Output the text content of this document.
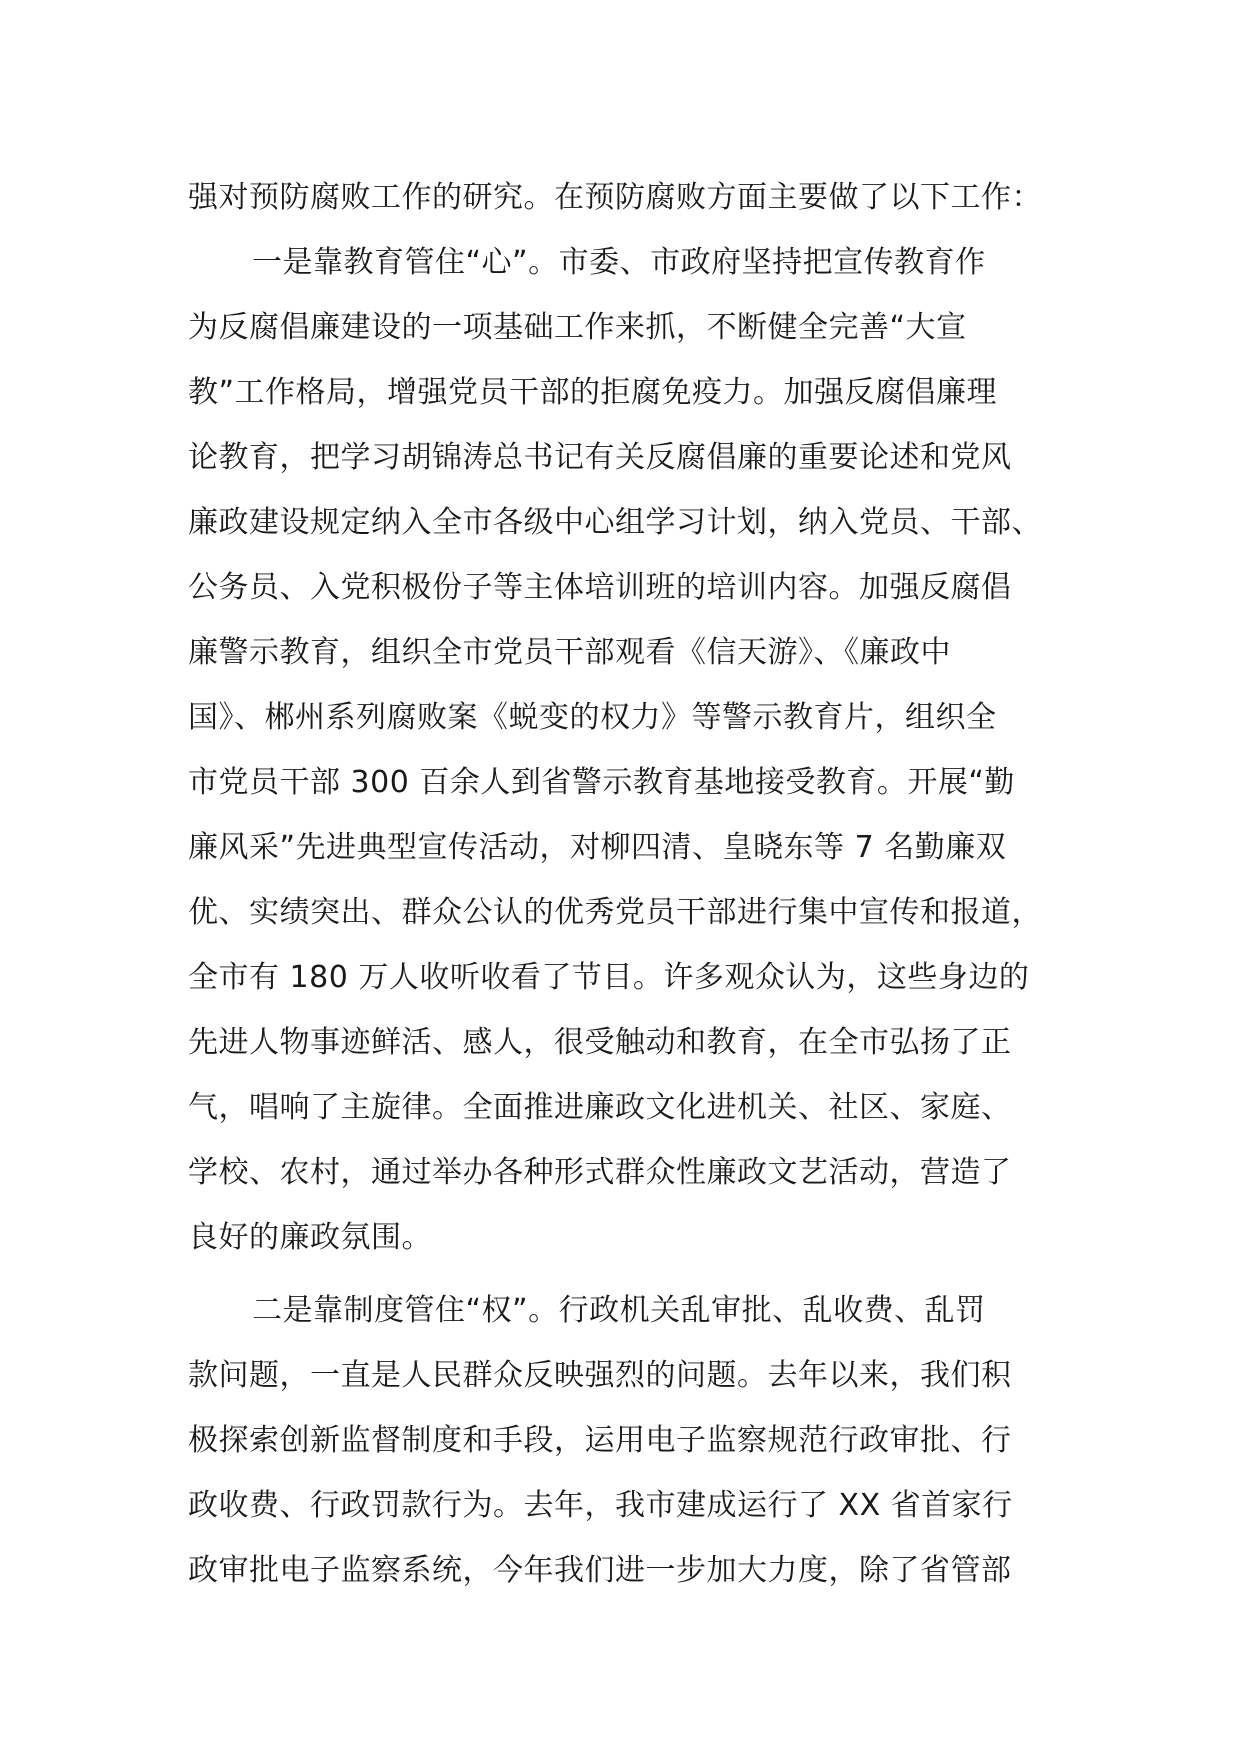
强对预防腐败工作的研究。在预防腐败方面主要做了以下工作：
一是靠教育管住“心”。市委、市政府坚持把宣传教育作
为反腐倡廉建设的一项基础工作来抓，不断健全完善“大宣
教”工作格局，增强党员干部的拒腐免疫力。加强反腐倡廉理
论教育，把学习胡锦涛总书记有关反腐倡廉的重要论述和党风
廉政建设规定纳入全市各级中心组学习计划，纳入党员、干部、
公务员、入党积极份子等主体培训班的培训内容。加强反腐倡
廉警示教育，组织全市党员干部观看《信天游》、《廉政中
国》、郴州系列腐败案《蜕变的权力》等警示教育片，组织全
市党员干部 300 百余人到省警示教育基地接受教育。开展“勤
廉风采”先进典型宣传活动，对柳四清、皇晓东等 7 名勤廉双
优、实绩突出、群众公认的优秀党员干部进行集中宣传和报道，
全市有 180 万人收听收看了节目。许多观众认为，这些身边的
先进人物事迹鲜活、感人，很受触动和教育，在全市弘扬了正
气，唱响了主旋律。全面推进廉政文化进机关、社区、家庭、
学校、农村，通过举办各种形式群众性廉政文艺活动，营造了
良好的廉政氛围。
二是靠制度管住“权”。行政机关乱审批、乱收费、乱罚
款问题，一直是人民群众反映强烈的问题。去年以来，我们积
极探索创新监督制度和手段，运用电子监察规范行政审批、行
政收费、行政罚款行为。去年，我市建成运行了 XX 省首家行
政审批电子监察系统，今年我们进一步加大力度，除了省管部
